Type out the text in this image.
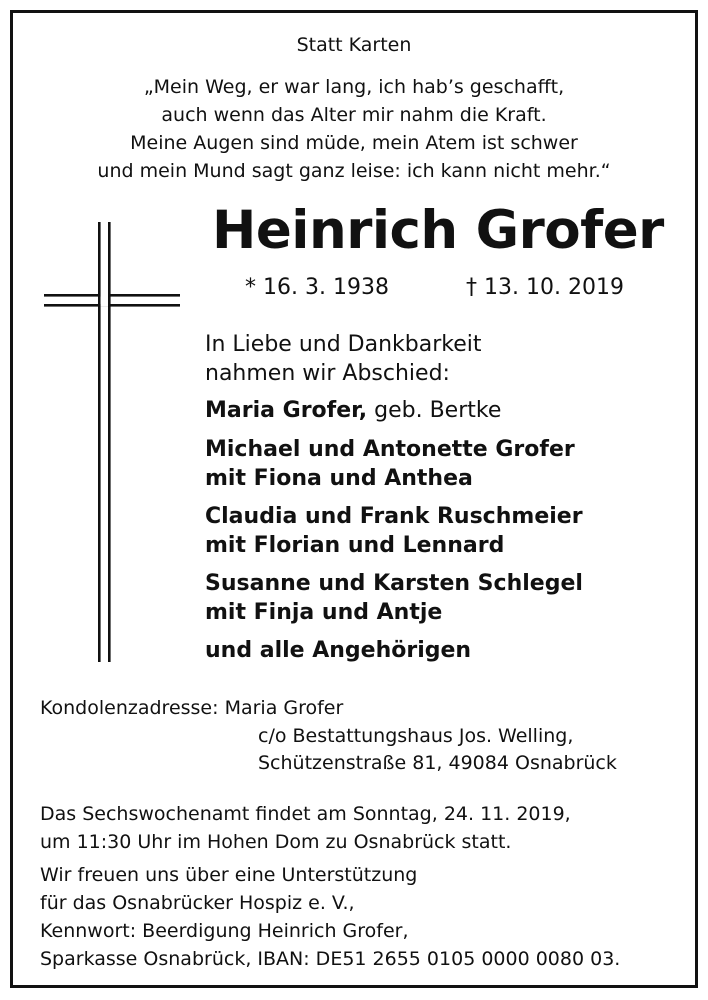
Statt Karten
„Mein Weg, er war lang, ich hab’s geschafft,
auch wenn das Alter mir nahm die Kraft.
Meine Augen sind müde, mein Atem ist schwer
und mein Mund sagt ganz leise: ich kann nicht mehr.“
Heinrich Grofer
* 16. 3. 1938	† 13. 10. 2019
In Liebe und Dankbarkeit
nahmen wir Abschied:
Maria Grofer, geb. Bertke
Michael und Antonette Grofer
mit Fiona und Anthea
Claudia und Frank Ruschmeier
mit Florian und Lennard
Susanne und Karsten Schlegel
mit Finja und Antje
und alle Angehörigen
Kondolenzadresse: Maria Grofer
c/o Bestattungshaus Jos. Welling,
Schützenstraße 81, 49084 Osnabrück
Das Sechswochenamt findet am Sonntag, 24. 11. 2019,
um 11:30 Uhr im Hohen Dom zu Osnabrück statt.
Wir freuen uns über eine Unterstützung
für das Osnabrücker Hospiz e. V.,
Kennwort: Beerdigung Heinrich Grofer,
Sparkasse Osnabrück, IBAN: DE51 2655 0105 0000 0080 03.
